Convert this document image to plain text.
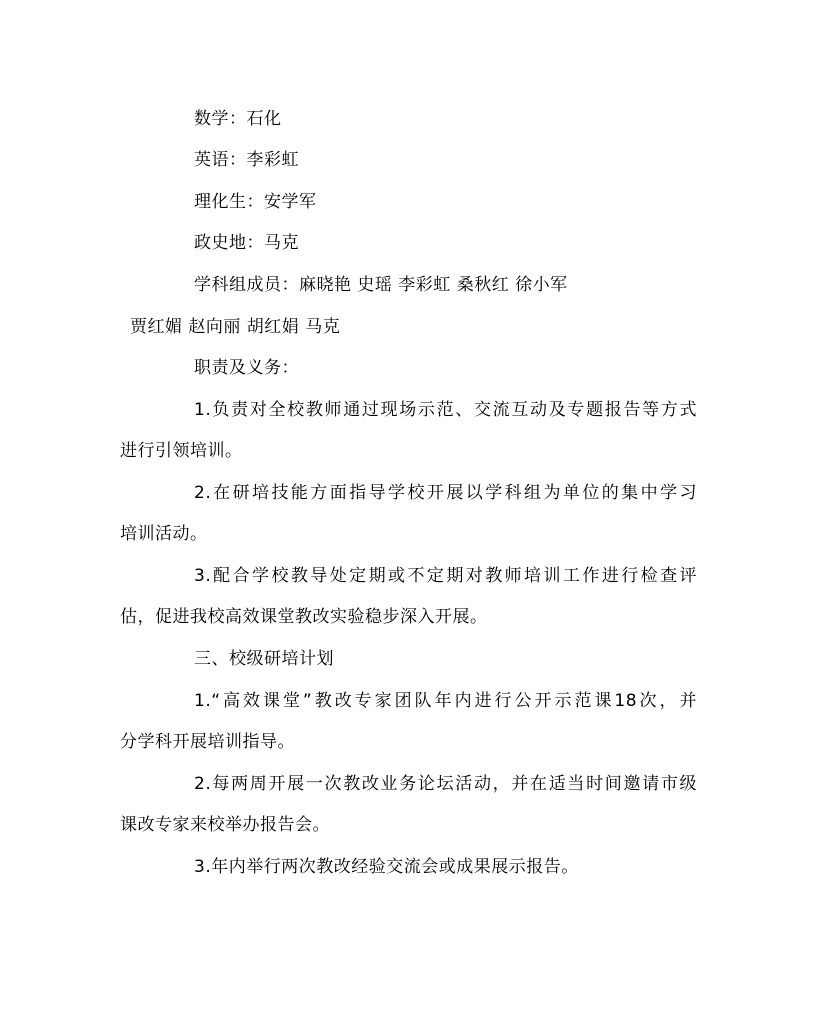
数学：石化
英语：李彩虹
理化生：安学军
政史地：马克
学科组成员：麻晓艳 史瑶 李彩虹 桑秋红 徐小军
贾红媚 赵向丽 胡红娟 马克
职责及义务：
1.负责对全校教师通过现场示范、交流互动及专题报告等方式
进行引领培训。
2.在研培技能方面指导学校开展以学科组为单位的集中学习
培训活动。
3.配合学校教导处定期或不定期对教师培训工作进行检查评
估，促进我校高效课堂教改实验稳步深入开展。
三、校级研培计划
1.“高效课堂”教改专家团队年内进行公开示范课18次，并
分学科开展培训指导。
2.每两周开展一次教改业务论坛活动，并在适当时间邀请市级
课改专家来校举办报告会。
3.年内举行两次教改经验交流会或成果展示报告。
